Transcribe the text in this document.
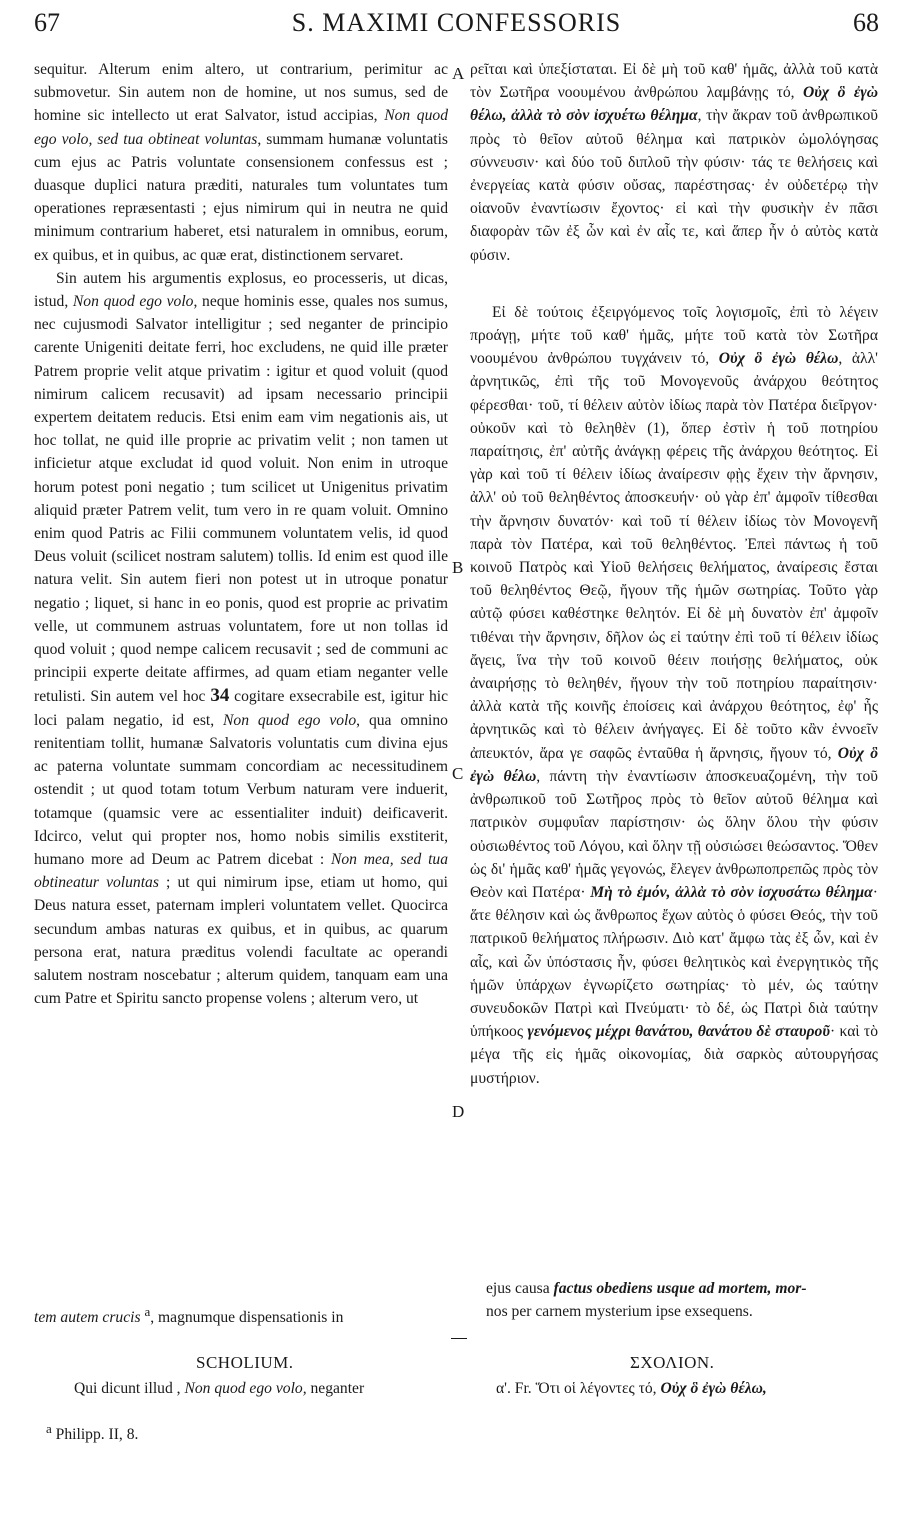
67	S. MAXIMI CONFESSORIS	68
A
B
C
D

sequitur. Alterum enim altero, ut contrarium, perimitur ac submovetur. Sin autem non de homine, ut nos sumus, sed de homine sic intellecto ut erat Salvator, istud accipias, Non quod ego volo, sed tua obtineat voluntas, summam humanæ voluntatis cum ejus ac Patris voluntate consensionem confessus est ; duasque duplici natura præditi, naturales tum voluntates tum operationes repræsentasti ; ejus nimirum qui in neutra ne quid minimum contrarium haberet, etsi naturalem in omnibus, eorum, ex quibus, et in quibus, ac quæ erat, distinctionem servaret.

Sin autem his argumentis explosus, eo processeris, ut dicas, istud, Non quod ego volo, neque hominis esse, quales nos sumus, nec cujusmodi Salvator intelligitur ; sed neganter de principio carente Unigeniti deitate ferri, hoc excludens, ne quid ille præter Patrem proprie velit atque privatim : igitur et quod voluit (quod nimirum calicem recusavit) ad ipsam necessario principii expertem deitatem reducis. Etsi enim eam vim negationis ais, ut hoc tollat, ne quid ille proprie ac privatim velit ; non tamen ut inficietur atque excludat id quod voluit. Non enim in utroque horum potest poni negatio ; tum scilicet ut Unigenitus privatim aliquid præter Patrem velit, tum vero in re quam voluit. Omnino enim quod Patris ac Filii communem voluntatem velis, id quod Deus voluit (scilicet nostram salutem) tollis. Id enim est quod ille natura velit. Sin autem fieri non potest ut in utroque ponatur negatio ; liquet, si hanc in eo ponis, quod est proprie ac privatim velle, ut communem astruas voluntatem, fore ut non tollas id quod voluit ; quod nempe calicem recusavit ; sed de communi ac principii experte deitate affirmes, ad quam etiam neganter velle retulisti. Sin autem vel hoc 34 cogitare exsecrabile est, igitur hic loci palam negatio, id est, Non quod ego volo, qua omnino renitentiam tollit, humanæ Salvatoris voluntatis cum divina ejus ac paterna voluntate summam concordiam ac necessitudinem ostendit ; ut quod totam totum Verbum naturam vere induerit, totamque (quamsic vere ac essentialiter induit) deificaverit. Idcirco, velut qui propter nos, homo nobis similis exstiterit, humano more ad Deum ac Patrem dicebat : Non mea, sed tua obtineatur voluntas ; ut qui nimirum ipse, etiam ut homo, qui Deus natura esset, paternam impleri voluntatem vellet. Quocirca secundum ambas naturas ex quibus, et in quibus, ac quarum persona erat, natura præditus volendi facultate ac operandi salutem nostram noscebatur ; alterum quidem, tanquam eam una cum Patre et Spiritu sancto propense volens ; alterum vero, ut

ρεῖται καὶ ὑπεξίσταται. Εἰ δὲ μὴ τοῦ καθ' ἡμᾶς, ἀλλὰ τοῦ κατὰ τὸν Σωτῆρα νοουμένου ἀνθρώπου λαμβάνῃς τό, Οὐχ ὃ ἐγὼ θέλω, ἀλλὰ τὸ σὸν ἰσχυέτω θέλημα, τὴν ἄκραν τοῦ ἀνθρωπικοῦ πρὸς τὸ θεῖον αὐτοῦ θέλημα καὶ πατρικὸν ὡμολόγησας σύννευσιν· καὶ δύο τοῦ διπλοῦ τὴν φύσιν· τάς τε θελήσεις καὶ ἐνεργείας κατὰ φύσιν οὔσας, παρέστησας· ἐν οὐδετέρῳ τὴν οἱανοῦν ἐναντίωσιν ἔχοντος· εἰ καὶ τὴν φυσικὴν ἐν πᾶσι διαφορὰν τῶν ἐξ ὧν καὶ ἐν αἷς τε, καὶ ἅπερ ἦν ὁ αὐτὸς κατὰ φύσιν.

Εἰ δὲ τούτοις ἐξειργόμενος τοῖς λογισμοῖς, ἐπὶ τὸ λέγειν προάγῃ, μήτε τοῦ καθ' ἡμᾶς, μήτε τοῦ κατὰ τὸν Σωτῆρα νοουμένου ἀνθρώπου τυγχάνειν τό, Οὐχ ὃ ἐγὼ θέλω, ἀλλ' ἀρνητικῶς, ἐπὶ τῆς τοῦ Μονογενοῦς ἀνάρχου θεότητος φέρεσθαι· τοῦ, τί θέλειν αὐτὸν ἰδίως παρὰ τὸν Πατέρα διεῖργον· οὐκοῦν καὶ τὸ θεληθὲν (1), ὅπερ ἐστὶν ἡ τοῦ ποτηρίου παραίτησις, ἐπ' αὐτῆς ἀνάγκῃ φέρεις τῆς ἀνάρχου θεότητος. Εἰ γὰρ καὶ τοῦ τί θέλειν ἰδίως ἀναίρεσιν φῂς ἔχειν τὴν ἄρνησιν, ἀλλ' οὐ τοῦ θεληθέντος ἀποσκευήν· οὐ γὰρ ἐπ' ἀμφοῖν τίθεσθαι τὴν ἄρνησιν δυνατόν· καὶ τοῦ τί θέλειν ἰδίως τὸν Μονογενῆ παρὰ τὸν Πατέρα, καὶ τοῦ θεληθέντος. Ἐπεὶ πάντως ἡ τοῦ κοινοῦ Πατρὸς καὶ Υἱοῦ θελήσεις θελήματος, ἀναίρεσις ἔσται τοῦ θεληθέντος Θεῷ, ἤγουν τῆς ἡμῶν σωτηρίας. Τοῦτο γὰρ αὐτῷ φύσει καθέστηκε θελητόν. Εἰ δὲ μὴ δυνατὸν ἐπ' ἀμφοῖν τιθέναι τὴν ἄρνησιν, δῆλον ὡς εἰ ταύτην ἐπὶ τοῦ τί θέλειν ἰδίως ἄγεις, ἵνα τὴν τοῦ κοινοῦ θέειν ποιήσῃς θελήματος, οὐκ ἀναιρήσῃς τὸ θεληθέν, ἤγουν τὴν τοῦ ποτηρίου παραίτησιν· ἀλλὰ κατὰ τῆς κοινῆς ἐποίσεις καὶ ἀνάρχου θεότητος, ἐφ' ἧς ἀρνητικῶς καὶ τὸ θέλειν ἀνήγαγες. Εἰ δὲ τοῦτο κἂν ἐννοεῖν ἀπευκτόν, ἄρα γε σαφῶς ἐνταῦθα ἡ ἄρνησις, ἤγουν τό, Οὐχ ὃ ἐγὼ θέλω, πάντη τὴν ἐναντίωσιν ἀποσκευαζομένη, τὴν τοῦ ἀνθρωπικοῦ τοῦ Σωτῆρος πρὸς τὸ θεῖον αὐτοῦ θέλημα καὶ πατρικὸν συμφυΐαν παρίστησιν· ὡς ὅλην ὅλου τὴν φύσιν οὐσιωθέντος τοῦ Λόγου, καὶ ὅλην τῇ οὐσιώσει θεώσαντος. Ὅθεν ὡς δι' ἡμᾶς καθ' ἡμᾶς γεγονώς, ἔλεγεν ἀνθρωποπρεπῶς πρὸς τὸν Θεὸν καὶ Πατέρα· Μὴ τὸ ἐμόν, ἀλλὰ τὸ σὸν ἰσχυσάτω θέλημα· ἅτε θέλησιν καὶ ὡς ἄνθρωπος ἔχων αὐτὸς ὁ φύσει Θεός, τὴν τοῦ πατρικοῦ θελήματος πλήρωσιν. Διὸ κατ' ἄμφω τὰς ἐξ ὧν, καὶ ἐν αἷς, καὶ ὧν ὑπόστασις ἦν, φύσει θελητικὸς καὶ ἐνεργητικὸς τῆς ἡμῶν ὑπάρχων ἐγνωρίζετο σωτηρίας· τὸ μέν, ὡς ταύτην συνευδοκῶν Πατρὶ καὶ Πνεύματι· τὸ δέ, ὡς Πατρὶ διὰ ταύτην ὑπήκοος γενόμενος μέχρι θανάτου, θανάτου δὲ σταυροῦ· καὶ τὸ μέγα τῆς εἰς ἡμᾶς οἰκονομίας, διὰ σαρκὸς αὐτουργήσας μυστήριον.

tem autem crucis $^a$, magnumque dispensationis in	nos per carnem mysterium ipse exsequens.
ejus causa factus obediens usque ad mortem, mor-
SCHOLIUM.	ΣΧΟΛΙΟΝ.
Qui dicunt illud , Non quod ego volo, neganter	α'. Fr. Ὅτι οἱ λέγοντες τό, Οὐχ ὃ ἐγὼ θέλω,
$^a$ Philipp. II, 8.
